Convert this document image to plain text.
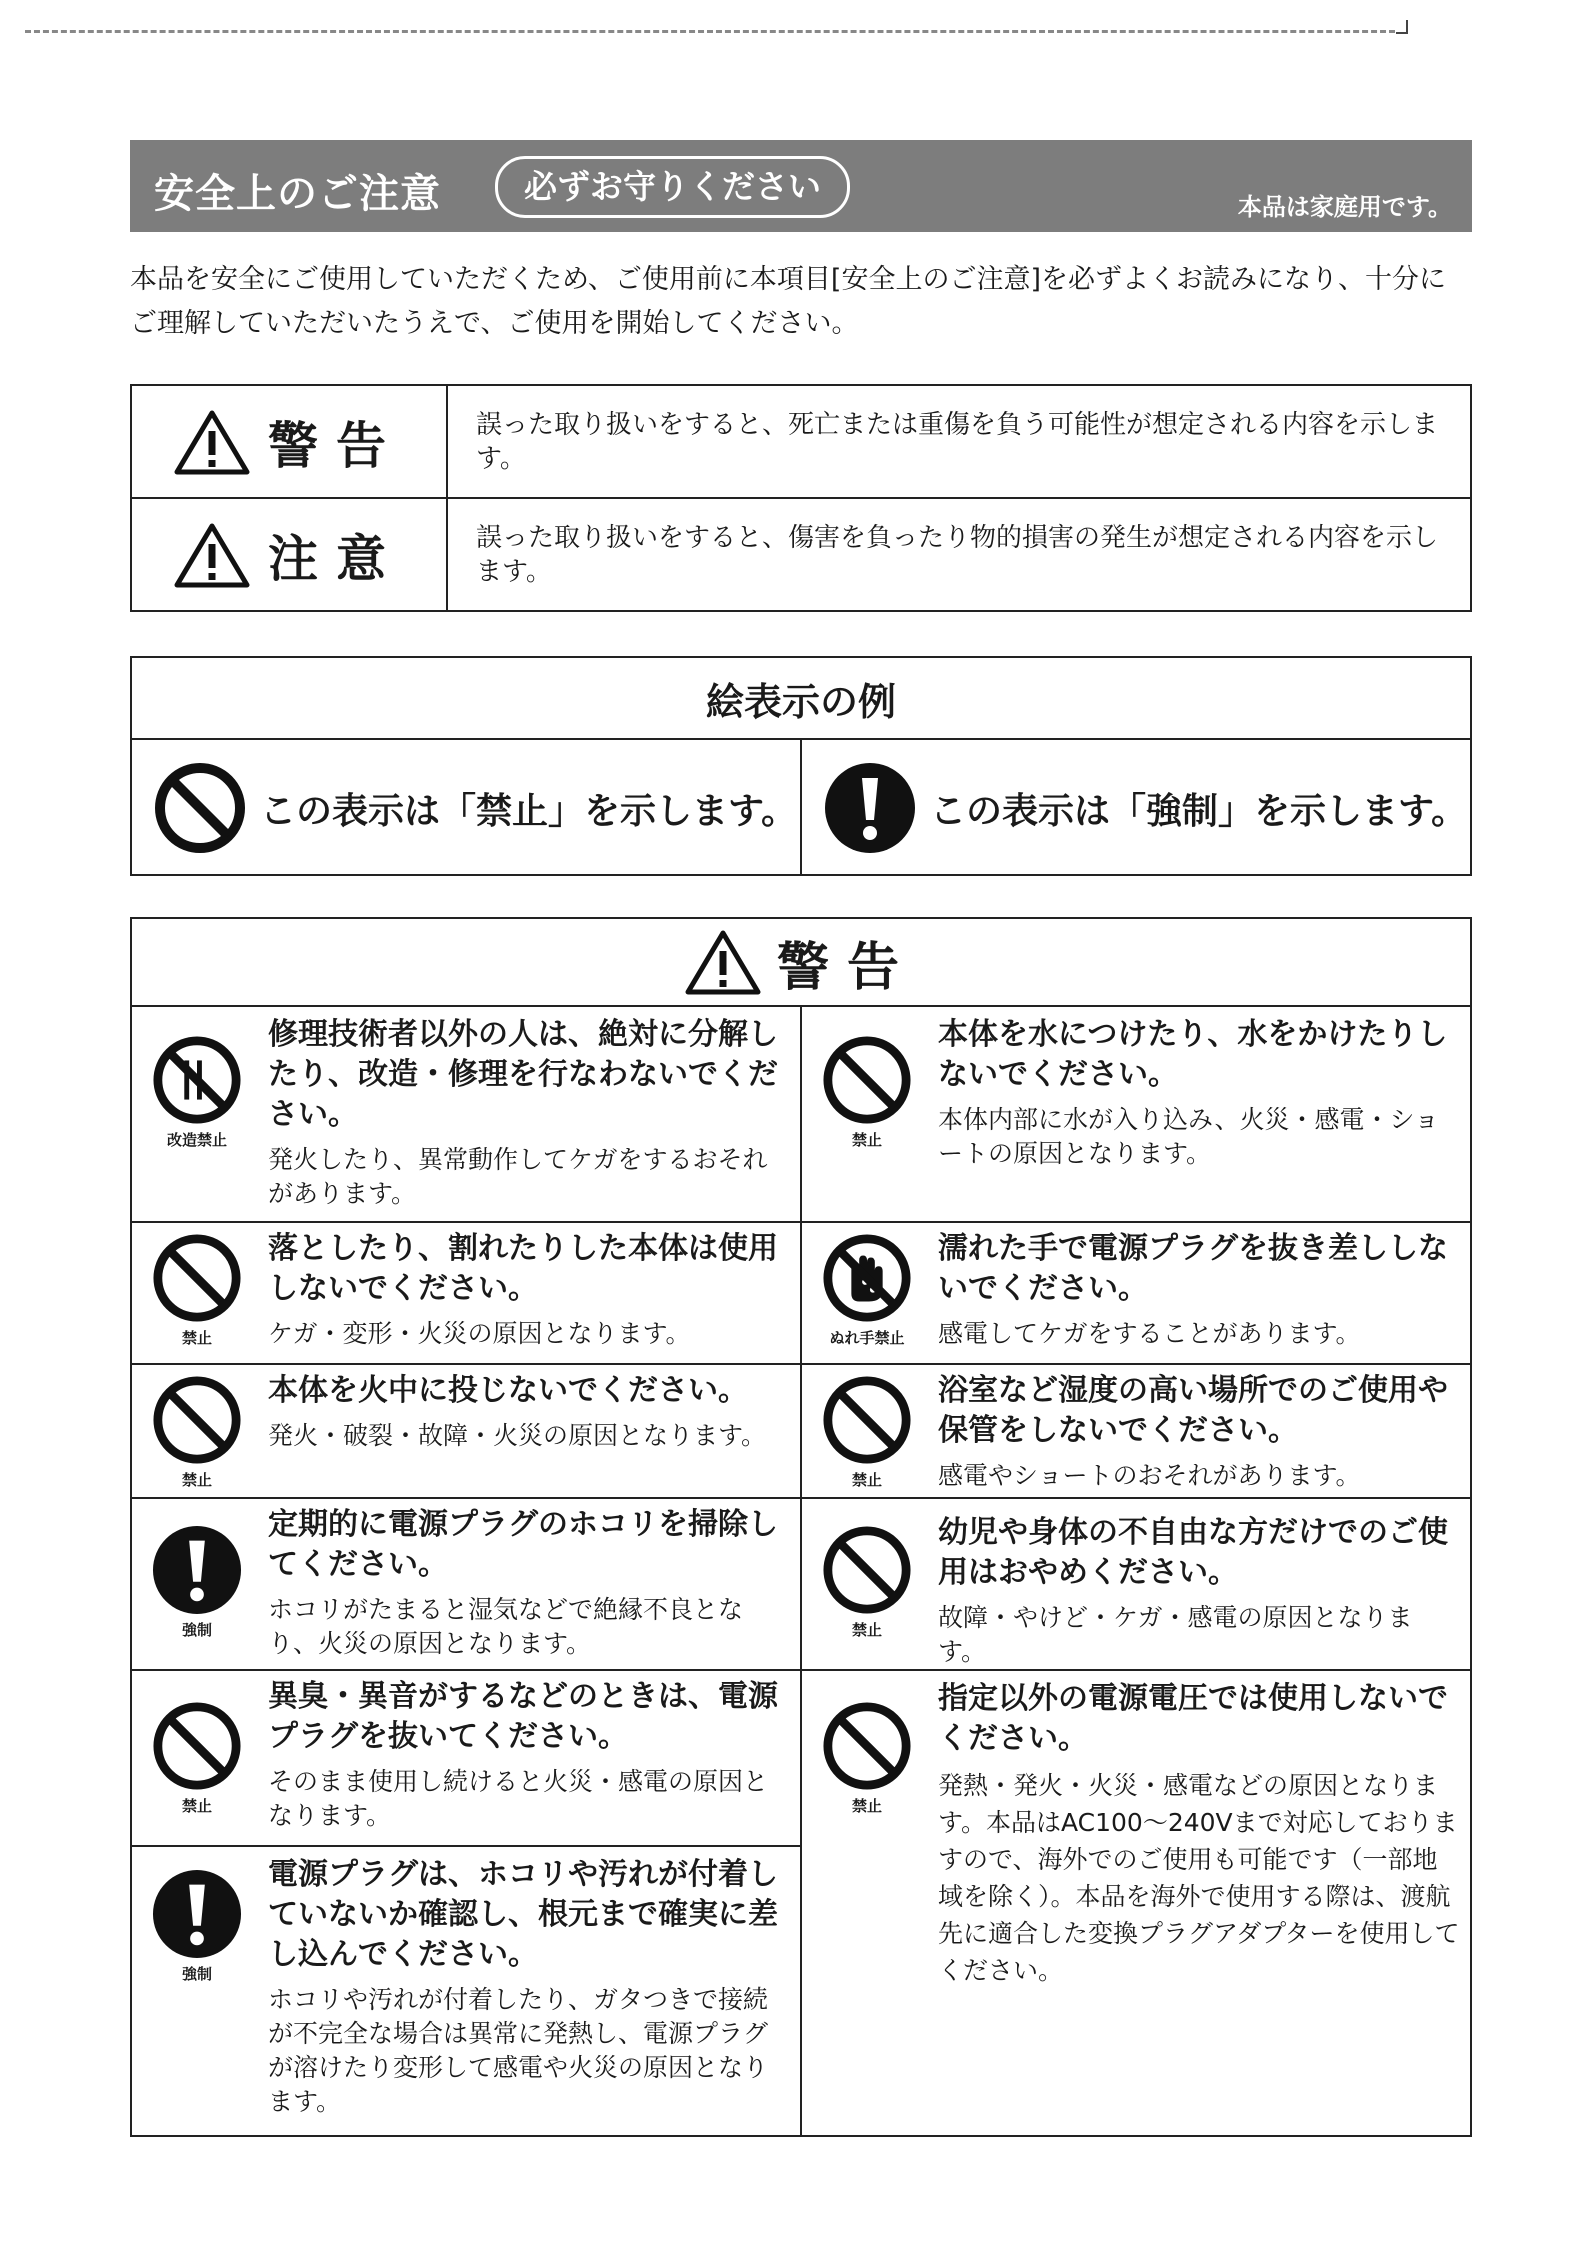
安全上のご注意	必ずお守りください
本品は家庭用です。
本品を安全にご使用していただくため、ご使用前に本項目[安全上のご注意]を必ずよくお読みになり、十分にご理解していただいたうえで、ご使用を開始してください。
警告	誤った取り扱いをすると、死亡または重傷を負う可能性が想定される内容を示します。
注意	誤った取り扱いをすると、傷害を負ったり物的損害の発生が想定される内容を示します。
絵表示の例
この表示は「禁止」を示します。	この表示は「強制」を示します。
警告
改造禁止
修理技術者以外の人は、絶対に分解したり、改造・修理を行なわないでください。
発火したり、異常動作してケガをするおそれがあります。
禁止
落としたり、割れたりした本体は使用しないでください。
ケガ・変形・火災の原因となります。
禁止
本体を火中に投じないでください。
発火・破裂・故障・火災の原因となります。
強制
定期的に電源プラグのホコリを掃除してください。
ホコリがたまると湿気などで絶縁不良となり、火災の原因となります。
禁止
異臭・異音がするなどのときは、電源プラグを抜いてください。
そのまま使用し続けると火災・感電の原因となります。
強制
電源プラグは、ホコリや汚れが付着していないか確認し、根元まで確実に差し込んでください。
ホコリや汚れが付着したり、ガタつきで接続が不完全な場合は異常に発熱し、電源プラグが溶けたり変形して感電や火災の原因となります。
禁止
本体を水につけたり、水をかけたりしないでください。
本体内部に水が入り込み、火災・感電・ショートの原因となります。
ぬれ手禁止
濡れた手で電源プラグを抜き差ししないでください。
感電してケガをすることがあります。
禁止
浴室など湿度の高い場所でのご使用や保管をしないでください。
感電やショートのおそれがあります。
禁止
幼児や身体の不自由な方だけでのご使用はおやめください。
故障・やけど・ケガ・感電の原因となります。
禁止
指定以外の電源電圧では使用しないでください。
発熱・発火・火災・感電などの原因となります。本品はAC100〜240Vまで対応しておりますので、海外でのご使用も可能です（一部地域を除く）。本品を海外で使用する際は、渡航先に適合した変換プラグアダプターを使用してください。
